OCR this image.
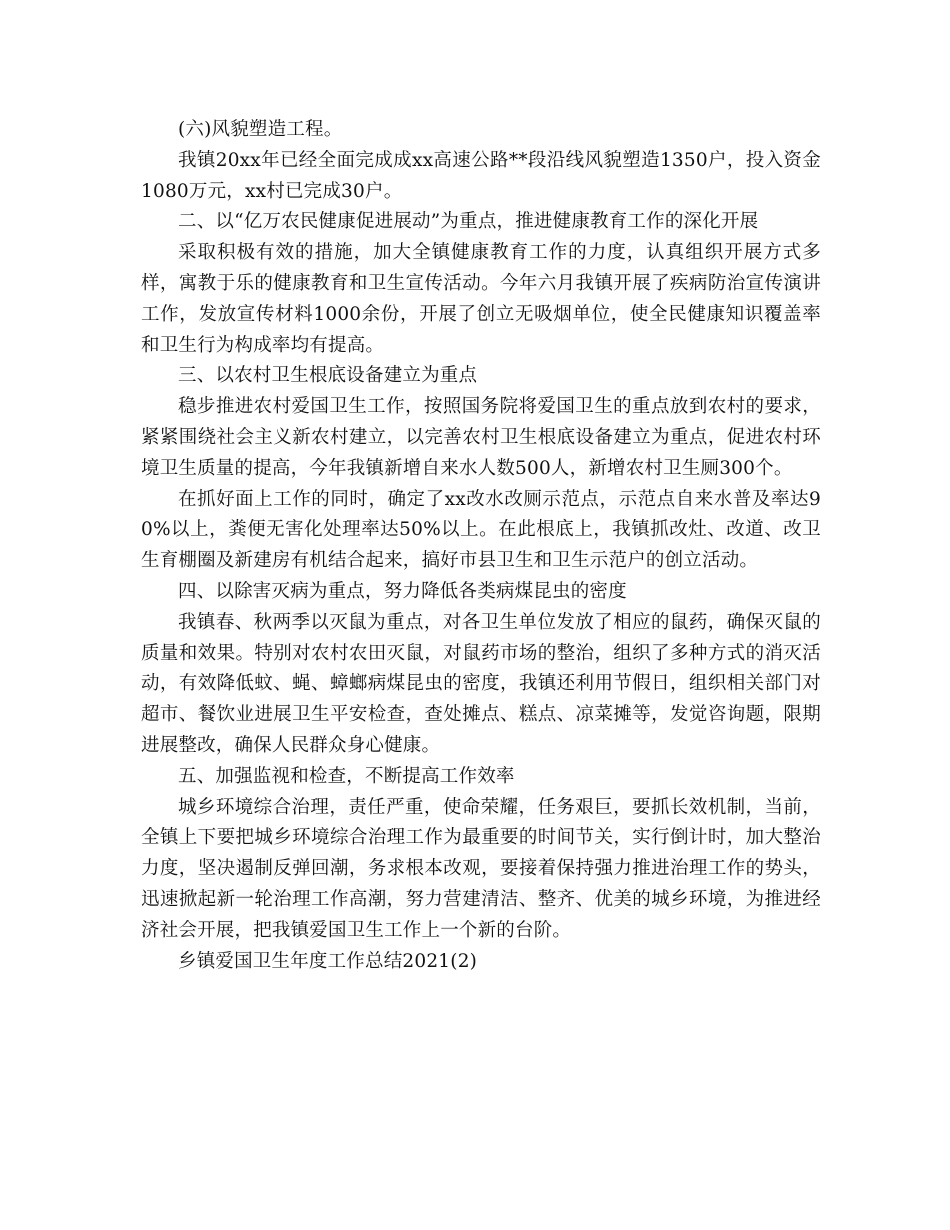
(六)风貌塑造工程。

我镇20xx年已经全面完成成xx高速公路**段沿线风貌塑造1350户，投入资金1080万元，xx村已完成30户。

二、以“亿万农民健康促进展动”为重点，推进健康教育工作的深化开展

采取积极有效的措施，加大全镇健康教育工作的力度，认真组织开展方式多样，寓教于乐的健康教育和卫生宣传活动。今年六月我镇开展了疾病防治宣传演讲工作，发放宣传材料1000余份，开展了创立无吸烟单位，使全民健康知识覆盖率和卫生行为构成率均有提高。

三、以农村卫生根底设备建立为重点

稳步推进农村爱国卫生工作，按照国务院将爱国卫生的重点放到农村的要求，紧紧围绕社会主义新农村建立，以完善农村卫生根底设备建立为重点，促进农村环境卫生质量的提高，今年我镇新增自来水人数500人，新增农村卫生厕300个。

在抓好面上工作的同时，确定了xx改水改厕示范点，示范点自来水普及率达90%以上，粪便无害化处理率达50%以上。在此根底上，我镇抓改灶、改道、改卫生育棚圈及新建房有机结合起来，搞好市县卫生和卫生示范户的创立活动。

四、以除害灭病为重点，努力降低各类病煤昆虫的密度

我镇春、秋两季以灭鼠为重点，对各卫生单位发放了相应的鼠药，确保灭鼠的质量和效果。特别对农村农田灭鼠，对鼠药市场的整治，组织了多种方式的消灭活动，有效降低蚊、蝇、蟑螂病煤昆虫的密度，我镇还利用节假日，组织相关部门对超市、餐饮业进展卫生平安检查，查处摊点、糕点、凉菜摊等，发觉咨询题，限期进展整改，确保人民群众身心健康。

五、加强监视和检查，不断提高工作效率

城乡环境综合治理，责任严重，使命荣耀，任务艰巨，要抓长效机制，当前，全镇上下要把城乡环境综合治理工作为最重要的时间节关，实行倒计时，加大整治力度，坚决遏制反弹回潮，务求根本改观，要接着保持强力推进治理工作的势头，迅速掀起新一轮治理工作高潮，努力营建清洁、整齐、优美的城乡环境，为推进经济社会开展，把我镇爱国卫生工作上一个新的台阶。

乡镇爱国卫生年度工作总结2021(2)
